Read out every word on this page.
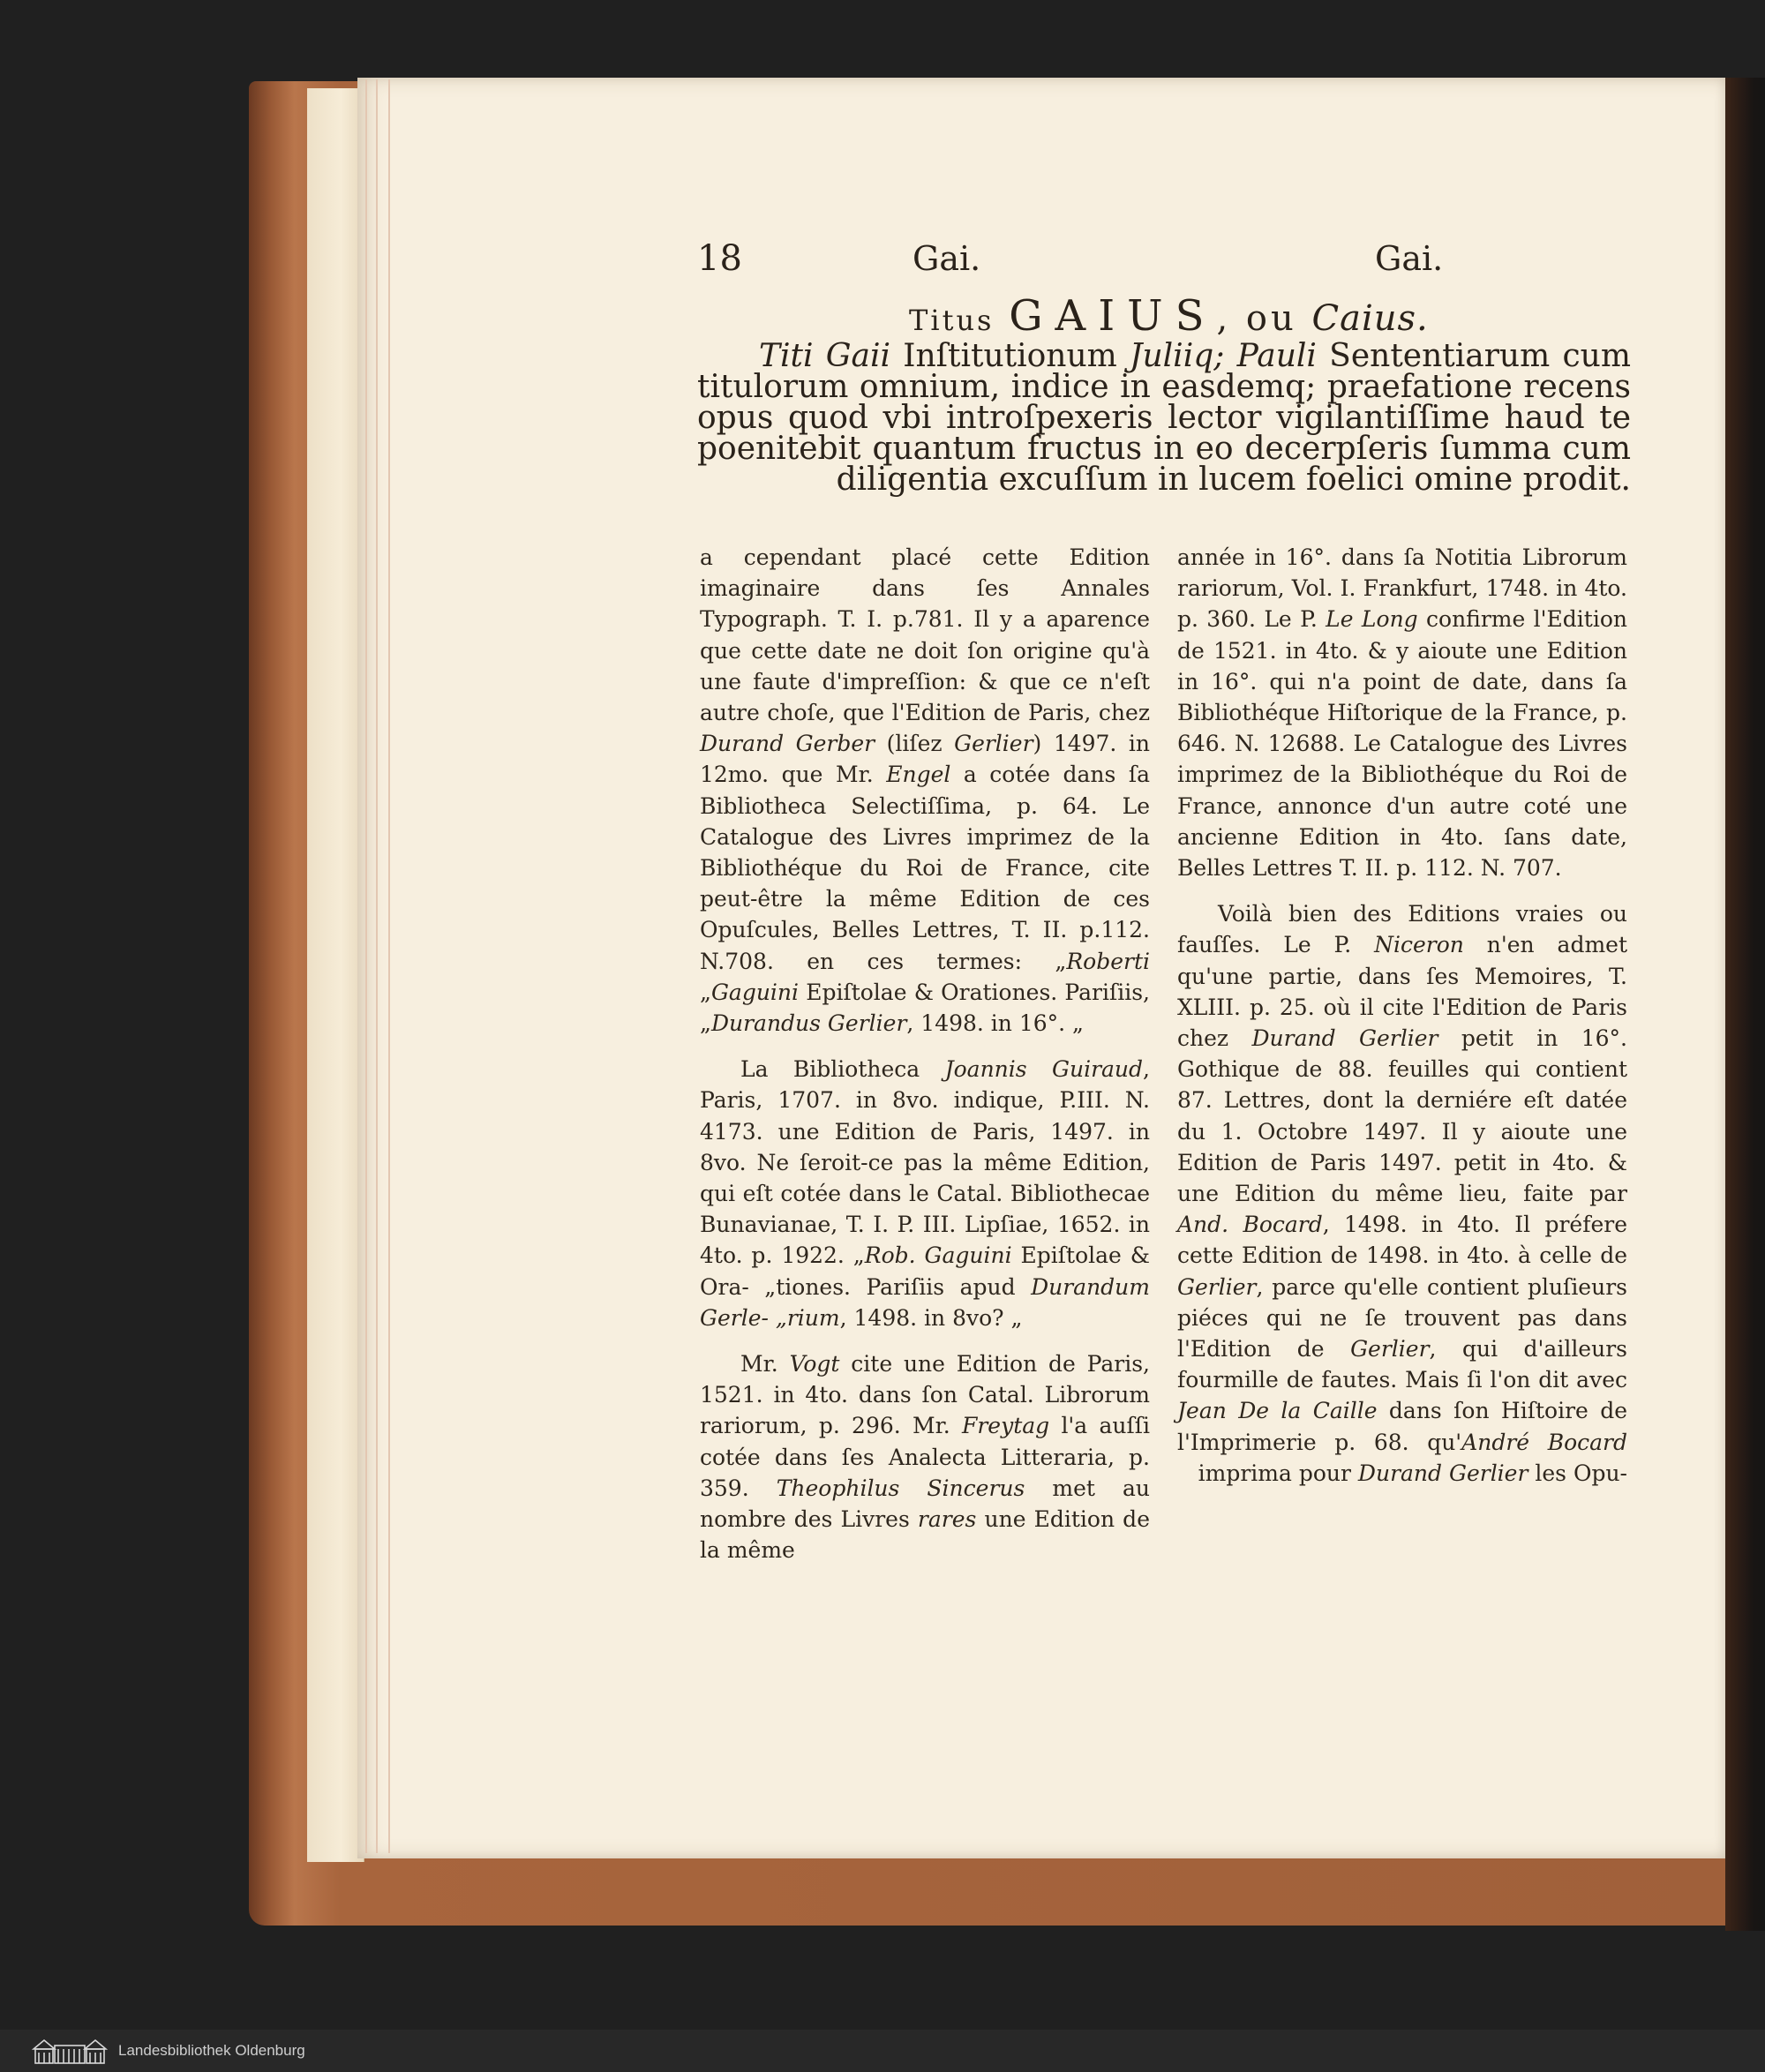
18	Gai.	Gai.
Titus GAIUS, ou Caius.
Titi Gaii Inſtitutionum Juliiq; Pauli Sententiarum cum titulorum omnium, indice in easdemq; praefatione recens opus quod vbi introſpexeris lector vigilantiſſime haud te poenitebit quantum fructus in eo decerpſeris ſumma cum diligentia excuſſum in lucem foelici omine prodit.

a cependant placé cette Edition imaginaire dans ſes Annales Typograph. T. I. p.781. Il y a aparence que cette date ne doit ſon origine qu'à une faute d'impreſſion: & que ce n'eſt autre choſe, que l'Edition de Paris, chez Durand Gerber (liſez Gerlier) 1497. in 12mo. que Mr. Engel a cotée dans ſa Bibliotheca Selectiſſima, p. 64. Le Catalogue des Livres imprimez de la Bibliothéque du Roi de France, cite peut-être la même Edition de ces Opuſcules, Belles Lettres, T. II. p.112. N.708. en ces termes: „Roberti „Gaguini Epiſtolae & Orationes. Pariſiis, „Durandus Gerlier, 1498. in 16°. „

La Bibliotheca Joannis Guiraud, Paris, 1707. in 8vo. indique, P.III. N. 4173. une Edition de Paris, 1497. in 8vo. Ne ſeroit-ce pas la même Edition, qui eſt cotée dans le Catal. Bibliothecae Bunavianae, T. I. P. III. Lipſiae, 1652. in 4to. p. 1922. „Rob. Gaguini Epiſtolae & Ora- „tiones. Pariſiis apud Durandum Gerle- „rium, 1498. in 8vo? „

Mr. Vogt cite une Edition de Paris, 1521. in 4to. dans ſon Catal. Librorum rariorum, p. 296. Mr. Freytag l'a auſſi cotée dans ſes Analecta Litteraria, p. 359. Theophilus Sincerus met au nombre des Livres rares une Edition de la même

année in 16°. dans ſa Notitia Librorum rariorum, Vol. I. Frankfurt, 1748. in 4to. p. 360. Le P. Le Long confirme l'Edition de 1521. in 4to. & y aioute une Edition in 16°. qui n'a point de date, dans ſa Bibliothéque Hiſtorique de la France, p. 646. N. 12688. Le Catalogue des Livres imprimez de la Bibliothéque du Roi de France, annonce d'un autre coté une ancienne Edition in 4to. ſans date, Belles Lettres T. II. p. 112. N. 707.

Voilà bien des Editions vraies ou fauſſes. Le P. Niceron n'en admet qu'une partie, dans ſes Memoires, T. XLIII. p. 25. où il cite l'Edition de Paris chez Durand Gerlier petit in 16°. Gothique de 88. feuilles qui contient 87. Lettres, dont la derniére eſt datée du 1. Octobre 1497. Il y aioute une Edition de Paris 1497. petit in 4to. & une Edition du même lieu, faite par And. Bocard, 1498. in 4to. Il préfere cette Edition de 1498. in 4to. à celle de Gerlier, parce qu'elle contient pluſieurs piéces qui ne ſe trouvent pas dans l'Edition de Gerlier, qui d'ailleurs fourmille de fautes. Mais ſi l'on dit avec Jean De la Caille dans ſon Hiſtoire de l'Imprimerie p. 68. qu'André Bocard imprima pour Durand Gerlier les Opu-

Landesbibliothek Oldenburg
